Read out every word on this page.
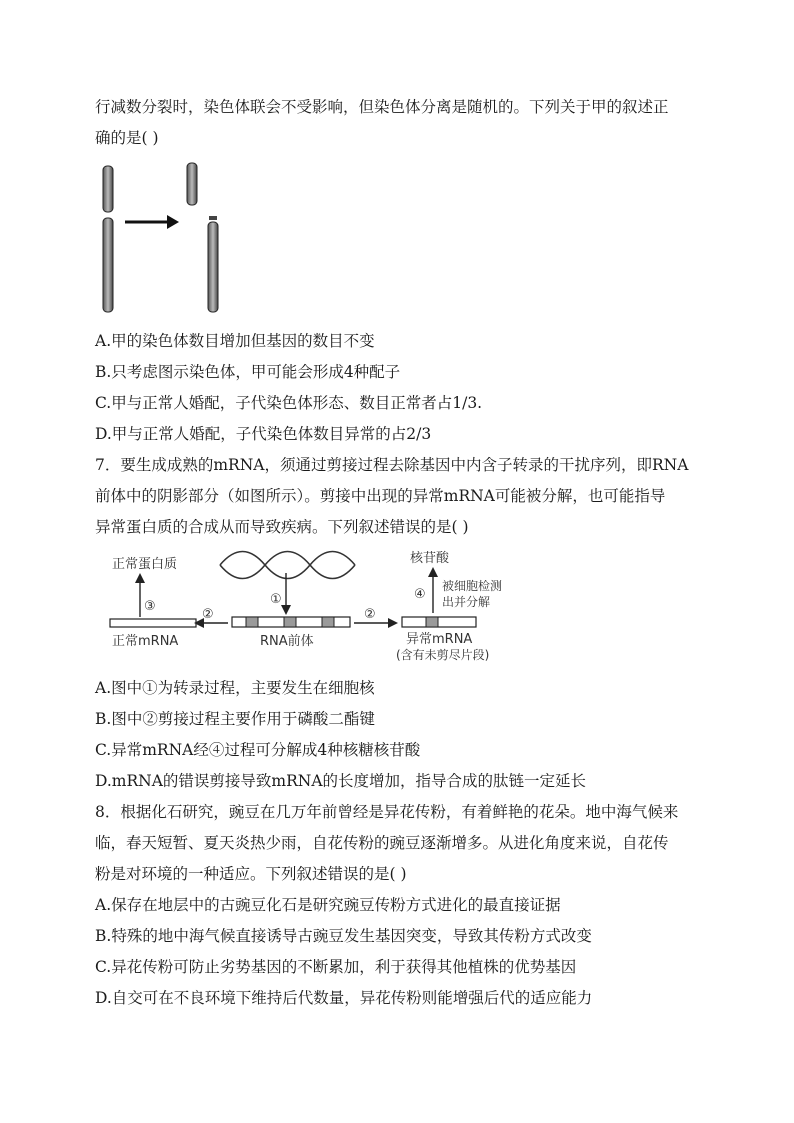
行减数分裂时，染色体联会不受影响，但染色体分离是随机的。下列关于甲的叙述正
确的是( )
A.甲的染色体数目增加但基因的数目不变
B.只考虑图示染色体，甲可能会形成4种配子
C.甲与正常人婚配，子代染色体形态、数目正常者占1/3.
D.甲与正常人婚配，子代染色体数目异常的占2/3
7．要生成成熟的mRNA，须通过剪接过程去除基因中内含子转录的干扰序列，即RNA
前体中的阴影部分（如图所示）。剪接中出现的异常mRNA可能被分解，也可能指导
异常蛋白质的合成从而导致疾病。下列叙述错误的是( )
正常蛋白质
③
正常mRNA
②
①
RNA前体
②
核苷酸
④
被细胞检测
出并分解
异常mRNA
(含有未剪尽片段)
A.图中①为转录过程，主要发生在细胞核
B.图中②剪接过程主要作用于磷酸二酯键
C.异常mRNA经④过程可分解成4种核糖核苷酸
D.mRNA的错误剪接导致mRNA的长度增加，指导合成的肽链一定延长
8．根据化石研究，豌豆在几万年前曾经是异花传粉，有着鲜艳的花朵。地中海气候来
临，春天短暂、夏天炎热少雨，自花传粉的豌豆逐渐增多。从进化角度来说，自花传
粉是对环境的一种适应。下列叙述错误的是( )
A.保存在地层中的古豌豆化石是研究豌豆传粉方式进化的最直接证据
B.特殊的地中海气候直接诱导古豌豆发生基因突变，导致其传粉方式改变
C.异花传粉可防止劣势基因的不断累加，利于获得其他植株的优势基因
D.自交可在不良环境下维持后代数量，异花传粉则能增强后代的适应能力
